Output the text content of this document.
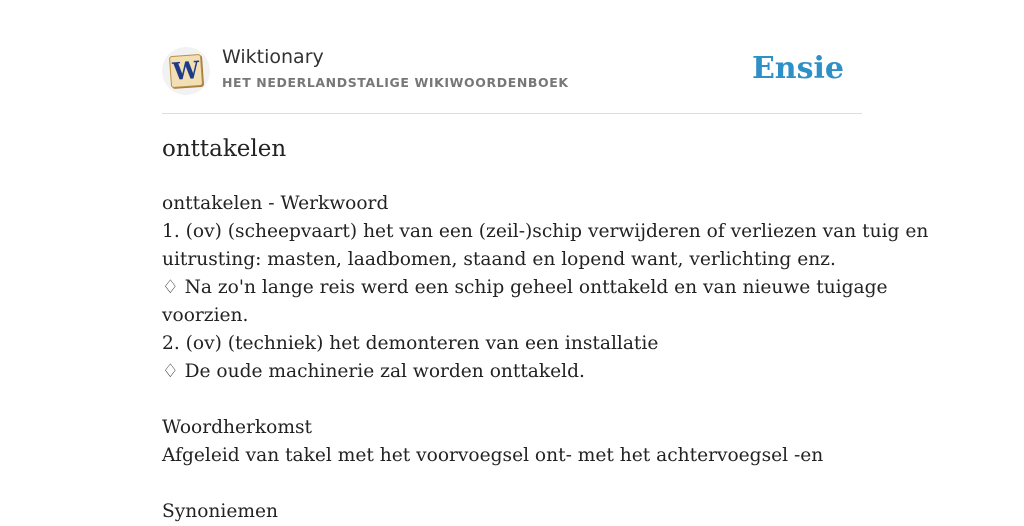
W Wiktionary
HET NEDERLANDSTALIGE WIKIWOORDENBOEK	Ensie
onttakelen
onttakelen - Werkwoord
1. (ov) (scheepvaart) het van een (zeil-)schip verwijderen of verliezen van tuig en
uitrusting: masten, laadbomen, staand en lopend want, verlichting enz.
♢ Na zo'n lange reis werd een schip geheel onttakeld en van nieuwe tuigage
voorzien.
2. (ov) (techniek) het demonteren van een installatie
♢ De oude machinerie zal worden onttakeld.
Woordherkomst
Afgeleid van takel met het voorvoegsel ont- met het achtervoegsel -en
Synoniemen
